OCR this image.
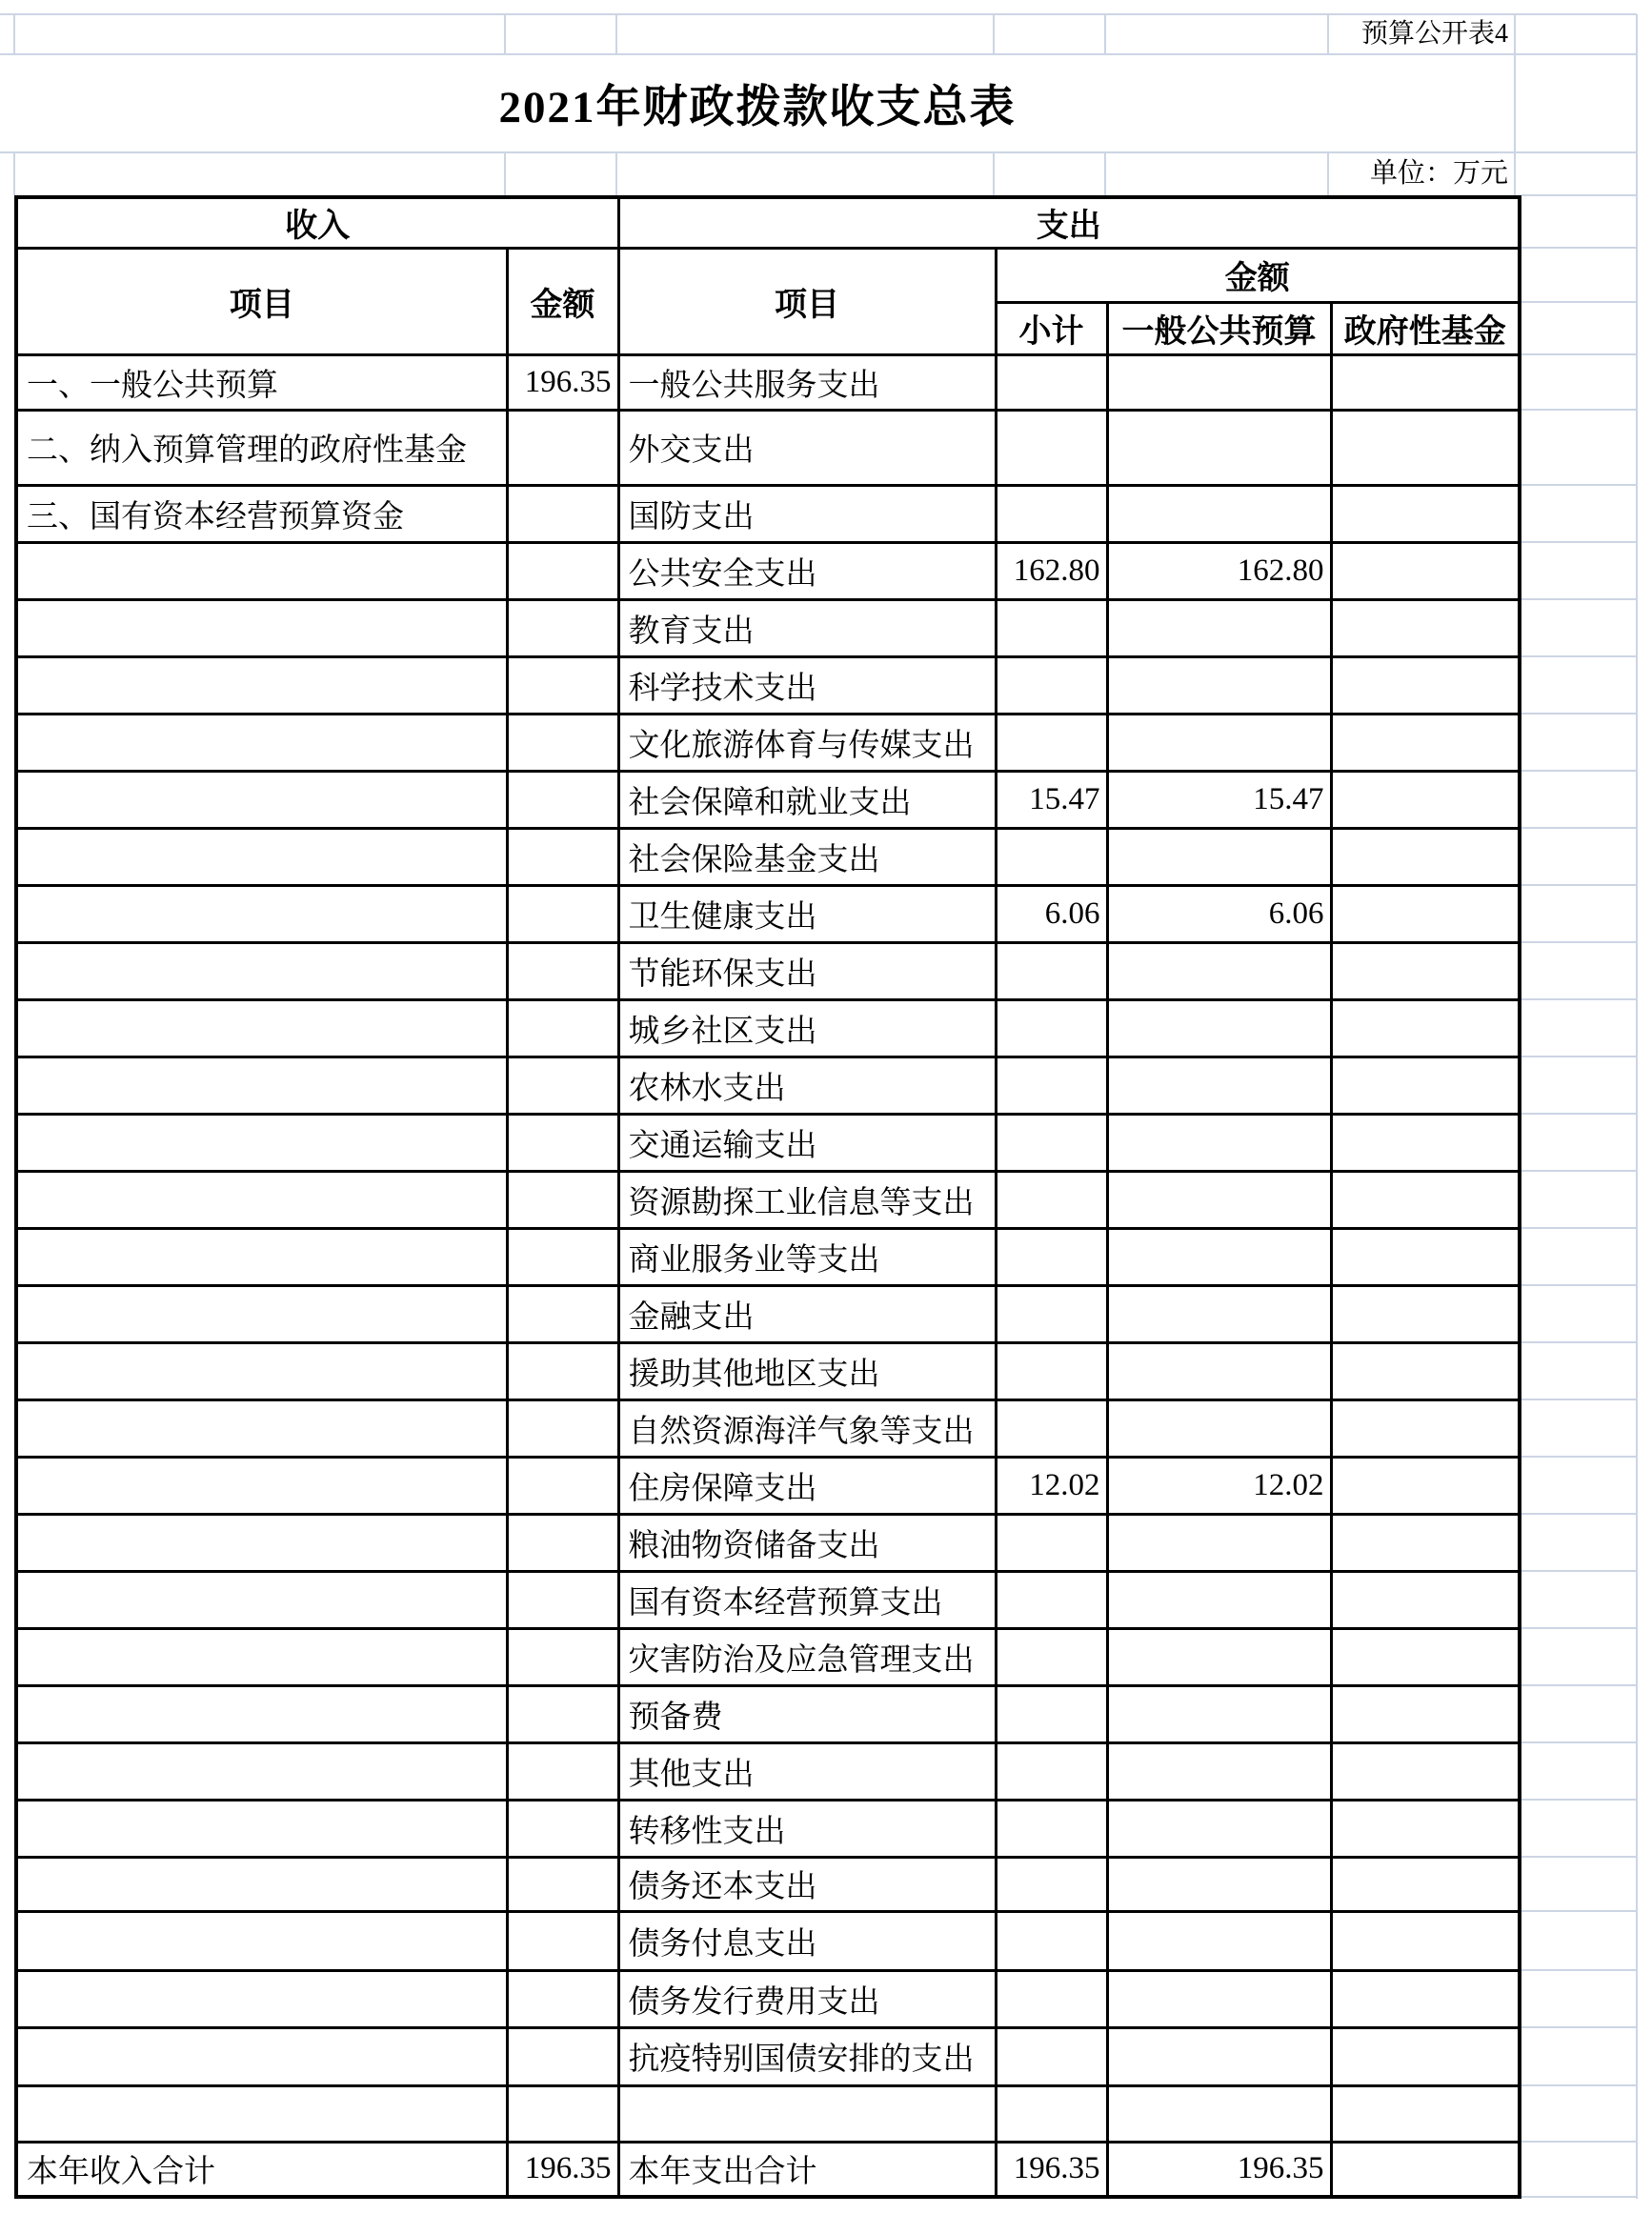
预算公开表4
2021年财政拨款收支总表
单位：万元
收入		支出			
项目	金额	项目	金额		
			小计	一般公共预算	政府性基金
一、一般公共预算	196.35	一般公共服务支出			
二、纳入预算管理的政府性基金		外交支出			
三、国有资本经营预算资金		国防支出			
		公共安全支出	162.80	162.80	
		教育支出			
		科学技术支出			
		文化旅游体育与传媒支出			
		社会保障和就业支出	15.47	15.47	
		社会保险基金支出			
		卫生健康支出	6.06	6.06	
		节能环保支出			
		城乡社区支出			
		农林水支出			
		交通运输支出			
		资源勘探工业信息等支出			
		商业服务业等支出			
		金融支出			
		援助其他地区支出			
		自然资源海洋气象等支出			
		住房保障支出	12.02	12.02	
		粮油物资储备支出			
		国有资本经营预算支出			
		灾害防治及应急管理支出			
		预备费			
		其他支出			
		转移性支出			
		债务还本支出			
		债务付息支出			
		债务发行费用支出			
		抗疫特别国债安排的支出			

本年收入合计	196.35	本年支出合计	196.35	196.35	
